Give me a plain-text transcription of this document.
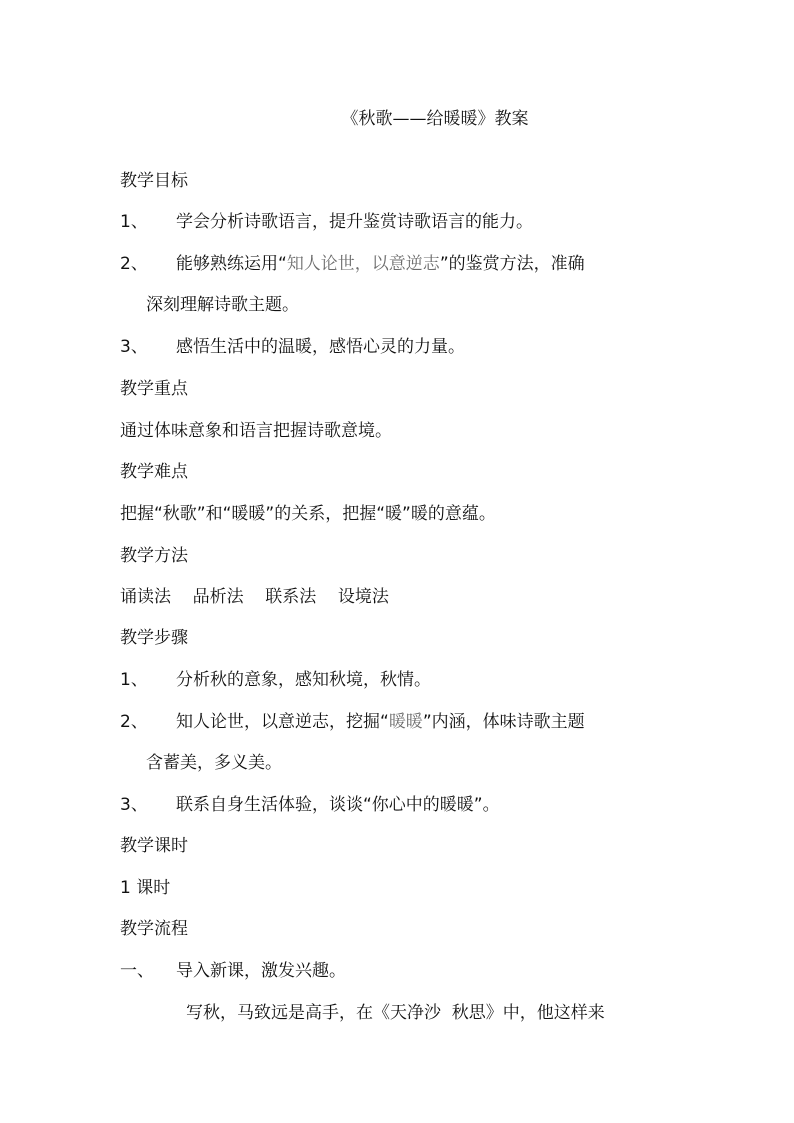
《秋歌——给暖暖》教案
教学目标
1、 学会分析诗歌语言，提升鉴赏诗歌语言的能力。
2、 能够熟练运用“知人论世，以意逆志”的鉴赏方法，准确
深刻理解诗歌主题。
3、 感悟生活中的温暖，感悟心灵的力量。
教学重点
通过体味意象和语言把握诗歌意境。
教学难点
把握“秋歌”和“暖暖”的关系，把握“暖”暖的意蕴。
教学方法
诵读法    品析法    联系法    设境法
教学步骤
1、 分析秋的意象，感知秋境，秋情。
2、 知人论世，以意逆志，挖掘“暖暖”内涵，体味诗歌主题
含蓄美，多义美。
3、 联系自身生活体验，谈谈“你心中的暖暖”。
教学课时
1 课时
教学流程
一、 导入新课，激发兴趣。
写秋，马致远是高手，在《天净沙  秋思》中，他这样来
